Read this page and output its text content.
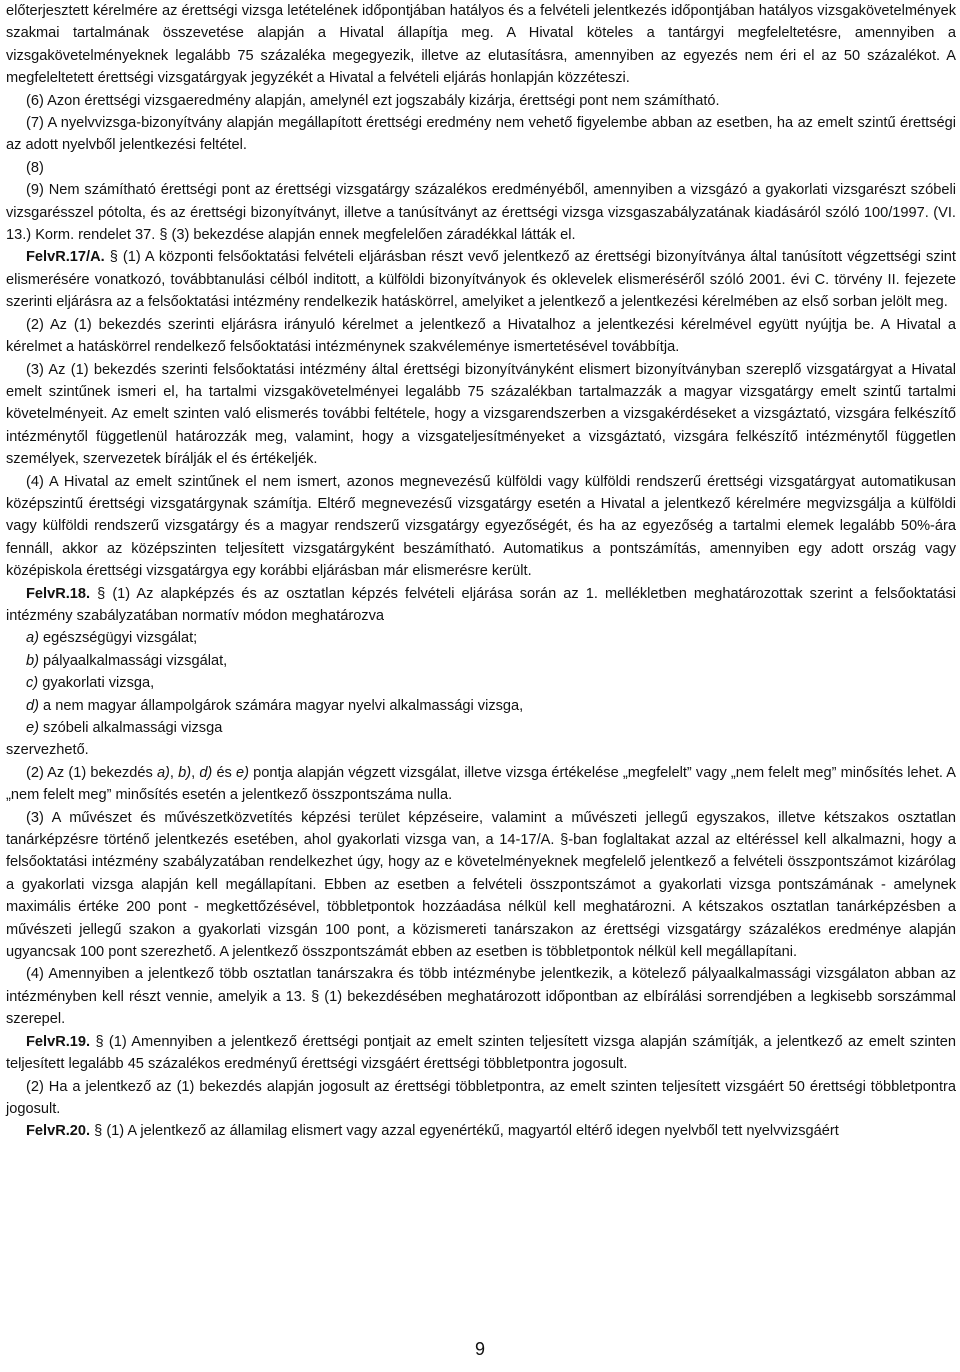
előterjesztett kérelmére az érettségi vizsga letételének időpontjában hatályos és a felvételi jelentkezés időpontjában hatályos vizsgakövetelmények szakmai tartalmának összevetése alapján a Hivatal állapítja meg. A Hivatal köteles a tantárgyi megfeleltetésre, amennyiben a vizsgakövetelményeknek legalább 75 százaléka megegyezik, illetve az elutasításra, amennyiben az egyezés nem éri el az 50 százalékot. A megfeleltetett érettségi vizsgatárgyak jegyzékét a Hivatal a felvételi eljárás honlapján közzéteszi.

(6) Azon érettségi vizsgaeredmény alapján, amelynél ezt jogszabály kizárja, érettségi pont nem számítható.

(7) A nyelvvizsga-bizonyítvány alapján megállapított érettségi eredmény nem vehető figyelembe abban az esetben, ha az emelt szintű érettségi az adott nyelvből jelentkezési feltétel.

(8)

(9) Nem számítható érettségi pont az érettségi vizsgatárgy százalékos eredményéből, amennyiben a vizsgázó a gyakorlati vizsgarészt szóbeli vizsgarésszel pótolta, és az érettségi bizonyítványt, illetve a tanúsítványt az érettségi vizsga vizsgaszabályzatának kiadásáról szóló 100/1997. (VI. 13.) Korm. rendelet 37. § (3) bekezdése alapján ennek megfelelően záradékkal látták el.

FelvR.17/A. § (1) A központi felsőoktatási felvételi eljárásban részt vevő jelentkező az érettségi bizonyítványa által tanúsított végzettségi szint elismerésére vonatkozó, továbbtanulási célból inditott, a külföldi bizonyítványok és oklevelek elismeréséről szóló 2001. évi C. törvény II. fejezete szerinti eljárásra az a felsőoktatási intézmény rendelkezik hatáskörrel, amelyiket a jelentkező a jelentkezési kérelmében az első sorban jelölt meg.

(2) Az (1) bekezdés szerinti eljárásra irányuló kérelmet a jelentkező a Hivatalhoz a jelentkezési kérelmével együtt nyújtja be. A Hivatal a kérelmet a hatáskörrel rendelkező felsőoktatási intézménynek szakvéleménye ismertetésével továbbítja.

(3) Az (1) bekezdés szerinti felsőoktatási intézmény által érettségi bizonyítványként elismert bizonyítványban szereplő vizsgatárgyat a Hivatal emelt szintűnek ismeri el, ha tartalmi vizsgakövetelményei legalább 75 százalékban tartalmazzák a magyar vizsgatárgy emelt szintű tartalmi követelményeit. Az emelt szinten való elismerés további feltétele, hogy a vizsgarendszerben a vizsgakérdéseket a vizsgáztató, vizsgára felkészítő intézménytől függetlenül határozzák meg, valamint, hogy a vizsgateljesítményeket a vizsgáztató, vizsgára felkészítő intézménytől független személyek, szervezetek bírálják el és értékeljék.

(4) A Hivatal az emelt szintűnek el nem ismert, azonos megnevezésű külföldi vagy külföldi rendszerű érettségi vizsgatárgyat automatikusan középszintű érettségi vizsgatárgynak számítja. Eltérő megnevezésű vizsgatárgy esetén a Hivatal a jelentkező kérelmére megvizsgálja a külföldi vagy külföldi rendszerű vizsgatárgy és a magyar rendszerű vizsgatárgy egyezőségét, és ha az egyezőség a tartalmi elemek legalább 50%-ára fennáll, akkor az középszinten teljesített vizsgatárgyként beszámítható. Automatikus a pontszámítás, amennyiben egy adott ország vagy középiskola érettségi vizsgatárgya egy korábbi eljárásban már elismerésre került.

FelvR.18. § (1) Az alapképzés és az osztatlan képzés felvételi eljárása során az 1. mellékletben meghatározottak szerint a felsőoktatási intézmény szabályzatában normatív módon meghatározva

a) egészségügyi vizsgálat;

b) pályaalkalmassági vizsgálat,

c) gyakorlati vizsga,

d) a nem magyar állampolgárok számára magyar nyelvi alkalmassági vizsga,

e) szóbeli alkalmassági vizsga

szervezhető.

(2) Az (1) bekezdés a), b), d) és e) pontja alapján végzett vizsgálat, illetve vizsga értékelése „megfelelt” vagy „nem felelt meg” minősítés lehet. A „nem felelt meg” minősítés esetén a jelentkező összpontszáma nulla.

(3) A művészet és művészetközvetítés képzési terület képzéseire, valamint a művészeti jellegű egyszakos, illetve kétszakos osztatlan tanárképzésre történő jelentkezés esetében, ahol gyakorlati vizsga van, a 14-17/A. §-ban foglaltakat azzal az eltéréssel kell alkalmazni, hogy a felsőoktatási intézmény szabályzatában rendelkezhet úgy, hogy az e követelményeknek megfelelő jelentkező a felvételi összpontszámot kizárólag a gyakorlati vizsga alapján kell megállapítani. Ebben az esetben a felvételi összpontszámot a gyakorlati vizsga pontszámának - amelynek maximális értéke 200 pont - megkettőzésével, többletpontok hozzáadása nélkül kell meghatározni. A kétszakos osztatlan tanárképzésben a művészeti jellegű szakon a gyakorlati vizsgán 100 pont, a közismereti tanárszakon az érettségi vizsgatárgy százalékos eredménye alapján ugyancsak 100 pont szerezhető. A jelentkező összpontszámát ebben az esetben is többletpontok nélkül kell megállapítani.

(4) Amennyiben a jelentkező több osztatlan tanárszakra és több intézménybe jelentkezik, a kötelező pályaalkalmassági vizsgálaton abban az intézményben kell részt vennie, amelyik a 13. § (1) bekezdésében meghatározott időpontban az elbírálási sorrendjében a legkisebb sorszámmal szerepel.

FelvR.19. § (1) Amennyiben a jelentkező érettségi pontjait az emelt szinten teljesített vizsga alapján számítják, a jelentkező az emelt szinten teljesített legalább 45 százalékos eredményű érettségi vizsgáért érettségi többletpontra jogosult.

(2) Ha a jelentkező az (1) bekezdés alapján jogosult az érettségi többletpontra, az emelt szinten teljesített vizsgáért 50 érettségi többletpontra jogosult.

FelvR.20. § (1) A jelentkező az államilag elismert vagy azzal egyenértékű, magyartól eltérő idegen nyelvből tett nyelvvizsgáért

9
